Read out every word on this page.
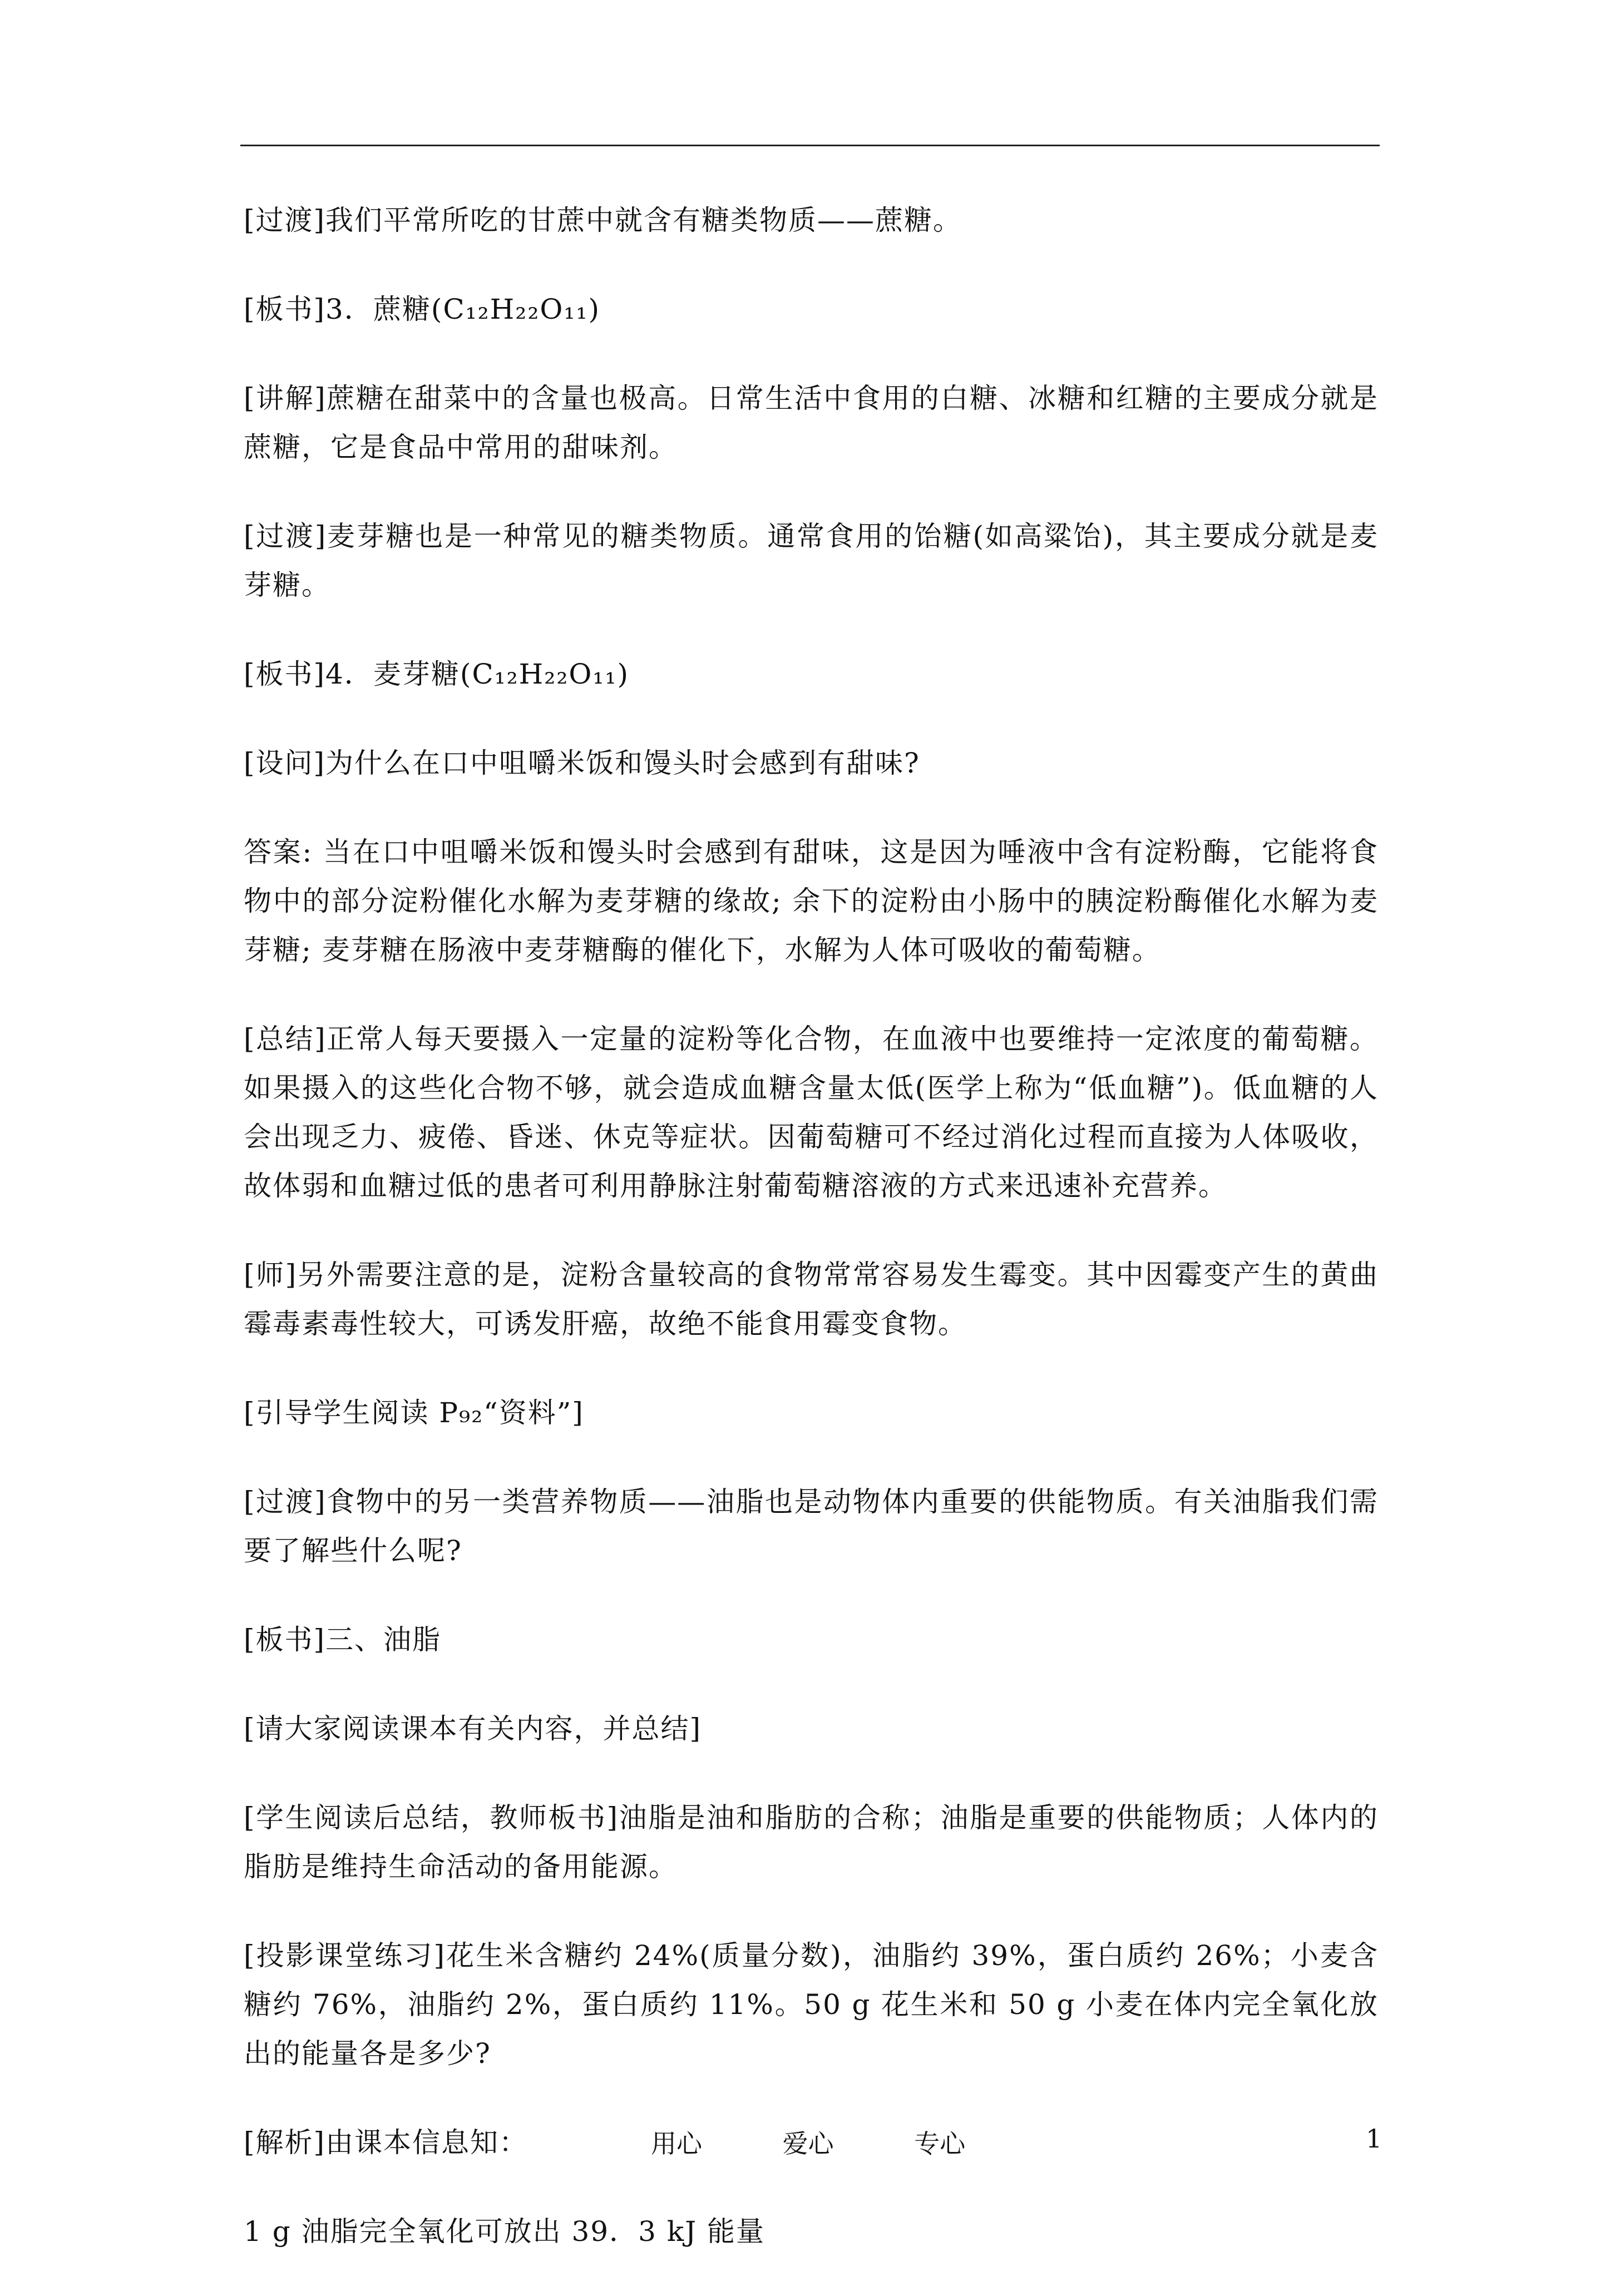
[过渡]我们平常所吃的甘蔗中就含有糖类物质——蔗糖。

[板书]3．蔗糖(C₁₂H₂₂O₁₁)

[讲解]蔗糖在甜菜中的含量也极高。日常生活中食用的白糖、冰糖和红糖的主要成分就是蔗糖，它是食品中常用的甜味剂。

[过渡]麦芽糖也是一种常见的糖类物质。通常食用的饴糖(如高粱饴)，其主要成分就是麦芽糖。

[板书]4．麦芽糖(C₁₂H₂₂O₁₁)

[设问]为什么在口中咀嚼米饭和馒头时会感到有甜味?

答案: 当在口中咀嚼米饭和馒头时会感到有甜味，这是因为唾液中含有淀粉酶，它能将食物中的部分淀粉催化水解为麦芽糖的缘故; 余下的淀粉由小肠中的胰淀粉酶催化水解为麦芽糖; 麦芽糖在肠液中麦芽糖酶的催化下，水解为人体可吸收的葡萄糖。

[总结]正常人每天要摄入一定量的淀粉等化合物，在血液中也要维持一定浓度的葡萄糖。如果摄入的这些化合物不够，就会造成血糖含量太低(医学上称为“低血糖”)。低血糖的人会出现乏力、疲倦、昏迷、休克等症状。因葡萄糖可不经过消化过程而直接为人体吸收，故体弱和血糖过低的患者可利用静脉注射葡萄糖溶液的方式来迅速补充营养。

[师]另外需要注意的是，淀粉含量较高的食物常常容易发生霉变。其中因霉变产生的黄曲霉毒素毒性较大，可诱发肝癌，故绝不能食用霉变食物。

[引导学生阅读 P₉₂“资料”]

[过渡]食物中的另一类营养物质——油脂也是动物体内重要的供能物质。有关油脂我们需要了解些什么呢?

[板书]三、油脂

[请大家阅读课本有关内容，并总结]

[学生阅读后总结，教师板书]油脂是油和脂肪的合称；油脂是重要的供能物质；人体内的脂肪是维持生命活动的备用能源。

[投影课堂练习]花生米含糖约 24%(质量分数)，油脂约 39%，蛋白质约 26%；小麦含糖约 76%，油脂约 2%，蛋白质约 11%。50 g 花生米和 50 g 小麦在体内完全氧化放出的能量各是多少?

[解析]由课本信息知：

1 g 油脂完全氧化可放出 39．3 kJ 能量

用心	爱心	专心	1
